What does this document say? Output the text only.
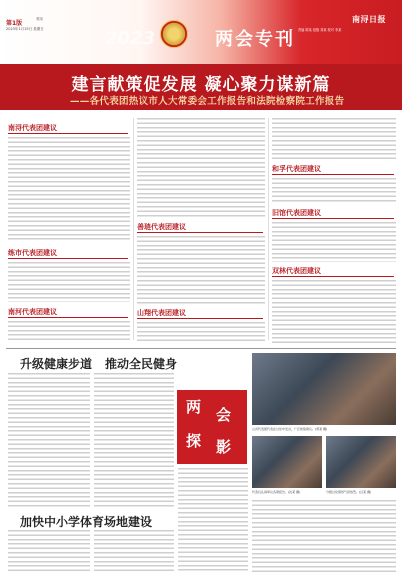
第1版
2023年1月15日 星期日
要闻
2023	两会专刊
南浔日报
责编 陈某 组版 刘某 校对 李某
建言献策促发展 凝心聚力谋新篇
——各代表团热议市人大常委会工作报告和法院检察院工作报告
南浔代表团建议
练市代表团建议
南河代表团建议
善琏代表团建议
山翔代表团建议
和孚代表团建议
旧馆代表团建议
双林代表团建议
升级健康步道 推动全民健身
加快中小学体育场地建设
两 会
探 影
山河代表团代表在讨论中发言，广泛收集建议。(郑某 摄)
代表们认真审议各项报告。(沈某 摄)	分组讨论现场气氛热烈。(吕某 摄)
